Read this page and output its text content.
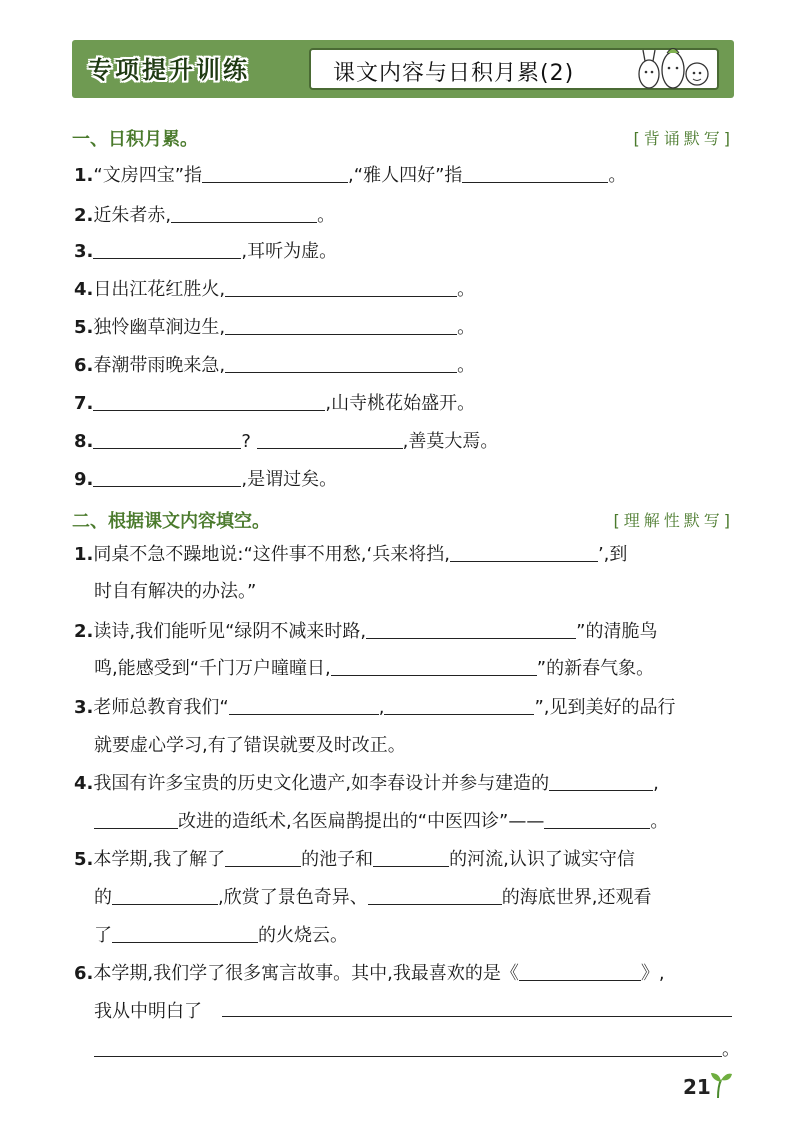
专项提升训练	课文内容与日积月累(2)
一、日积月累。	[背诵默写]
1.“文房四宝”指	,“雅人四好”指	。
2.近朱者赤,	。
3.	,耳听为虚。
4.日出江花红胜火,	。
5.独怜幽草涧边生,	。
6.春潮带雨晚来急,	。
7.	,山寺桃花始盛开。
8.	?	,善莫大焉。
9.	,是谓过矣。
二、根据课文内容填空。	[理解性默写]
1.同桌不急不躁地说:“这件事不用愁,‘兵来将挡,	’,到
时自有解决的办法。”
2.读诗,我们能听见“绿阴不减来时路,	”的清脆鸟
鸣,能感受到“千门万户曈曈日,	”的新春气象。
3.老师总教育我们“	,	”,见到美好的品行
就要虚心学习,有了错误就要及时改正。
4.我国有许多宝贵的历史文化遗产,如李春设计并参与建造的	,
改进的造纸术,名医扁鹊提出的“中医四诊”——	。
5.本学期,我了解了	的池子和	的河流,认识了诚实守信
的	,欣赏了景色奇异、	的海底世界,还观看
了	的火烧云。
6.本学期,我们学了很多寓言故事。其中,我最喜欢的是《	》,
我从中明白了
。
21
